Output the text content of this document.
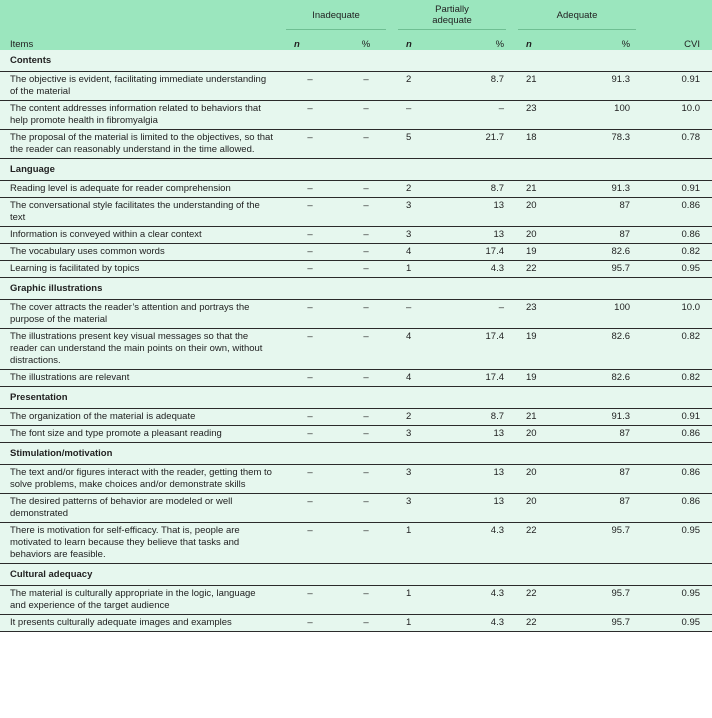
	Inadequate		Partially adequate		Adequate	

Items	n	%	n	%	n	%	CVI
Contents							
The objective is evident, facilitating immediate understanding of the material	–	–	2	8.7	21	91.3	0.91
The content addresses information related to behaviors that help promote health in fibromyalgia	–	–	–	–	23	100	10.0
The proposal of the material is limited to the objectives, so that the reader can reasonably understand in the time allowed.	–	–	5	21.7	18	78.3	0.78
Language							
Reading level is adequate for reader comprehension	–	–	2	8.7	21	91.3	0.91
The conversational style facilitates the understanding of the text	–	–	3	13	20	87	0.86
Information is conveyed within a clear context	–	–	3	13	20	87	0.86
The vocabulary uses common words	–	–	4	17.4	19	82.6	0.82
Learning is facilitated by topics	–	–	1	4.3	22	95.7	0.95
Graphic illustrations							
The cover attracts the reader’s attention and portrays the purpose of the material	–	–	–	–	23	100	10.0
The illustrations present key visual messages so that the reader can understand the main points on their own, without distractions.	–	–	4	17.4	19	82.6	0.82
The illustrations are relevant	–	–	4	17.4	19	82.6	0.82
Presentation							
The organization of the material is adequate	–	–	2	8.7	21	91.3	0.91
The font size and type promote a pleasant reading	–	–	3	13	20	87	0.86
Stimulation/motivation							
The text and/or figures interact with the reader, getting them to solve problems, make choices and/or demonstrate skills	–	–	3	13	20	87	0.86
The desired patterns of behavior are modeled or well demonstrated	–	–	3	13	20	87	0.86
There is motivation for self-efficacy. That is, people are motivated to learn because they believe that tasks and behaviors are feasible.	–	–	1	4.3	22	95.7	0.95
Cultural adequacy							
The material is culturally appropriate in the logic, language and experience of the target audience	–	–	1	4.3	22	95.7	0.95
It presents culturally adequate images and examples	–	–	1	4.3	22	95.7	0.95
